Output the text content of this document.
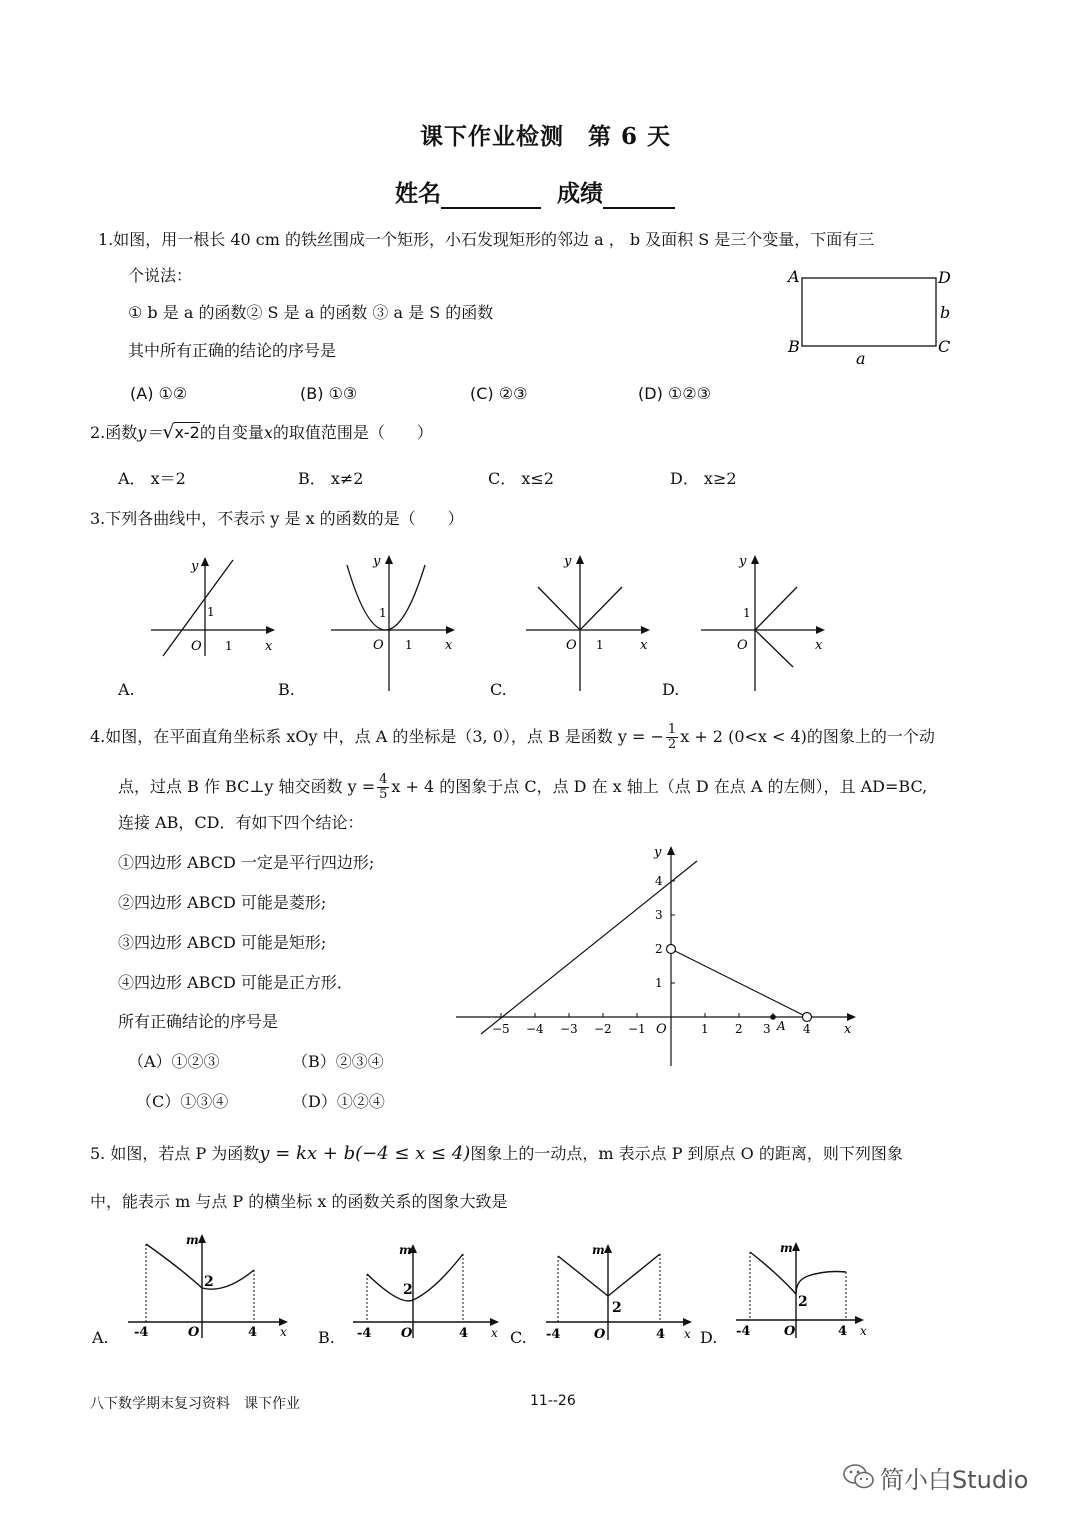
课下作业检测　第 6 天
姓名	成绩
1.如图，用一根长 40 cm 的铁丝围成一个矩形，小石发现矩形的邻边 a ， b 及面积 S 是三个变量，下面有三
个说法：
① b 是 a 的函数② S 是 a 的函数 ③ a 是 S 的函数
其中所有正确的结论的序号是
A	D
B	C
b
a
(A) ①②	(B) ①③	(C) ②③	(D) ①②③
2.函数y＝√x-2的自变量x的取值范围是（　　）
A． x＝2	B． x≠2	C． x≤2	D． x≥2
3.下列各曲线中，不表示 y 是 x 的函数的是（　　）
y
x
O 1
1
A.
y
x
O 1
1
B.
y
x
O 1
C.
y
x
O
1
D.
4.如图，在平面直角坐标系 xOy 中，点 A 的坐标是（3, 0），点 B 是函数 y = − $\frac{1}{2}$ x + 2 (0<x < 4)的图象上的一个动
点，过点 B 作 BC⊥y 轴交函数 $y = \frac{4}{5}$ x + 4 的图象于点 C，点 D 在 x 轴上（点 D 在点 A 的左侧），且 AD=BC,
连接 AB，CD．有如下四个结论：
①四边形 ABCD 一定是平行四边形;
②四边形 ABCD 可能是菱形;
③四边形 ABCD 可能是矩形;
④四边形 ABCD 可能是正方形．
所有正确结论的序号是
（A）①②③	（B）②③④
（C）①③④	（D）①②④
−5 −4 −3 −2 −1	1 2 3	4
1
2
3
4
O	x
y
A
5. 如图，若点 P 为函数y = kx + b(−4 ≤ x ≤ 4)图象上的一动点，m 表示点 P 到原点 O 的距离，则下列图象
中，能表示 m 与点 P 的横坐标 x 的函数关系的图象大致是
m
2
-4	O	4 x
A.
m
2
-4 O	4 x
B.
m
2
-4	O	4 x
C.
m
2
-4	O	4 x
D.
八下数学期末复习资料　课下作业	11--26
简小白Studio
